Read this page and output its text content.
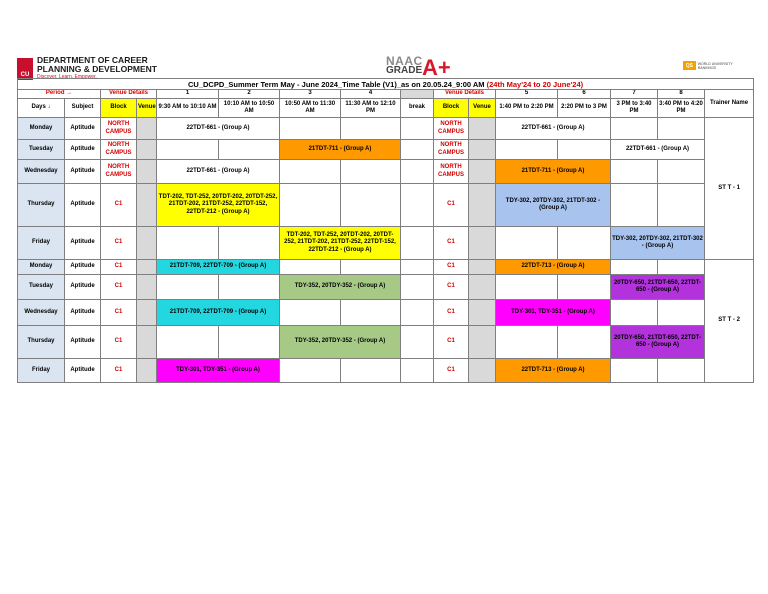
CU
DEPARTMENT OF CAREER
PLANNING & DEVELOPMENT
Discover. Learn. Empower.
NAAC
GRADE A+	QS	WORLD UNIVERSITY RANKINGS
CU_DCPD_Summer Term May - June 2024_Time Table (V1)_as on 20.05.24_9:00 AM (24th May'24 to 20 June'24)															
Period →		Venue Details		1	2	3	4		Venue Details		5	6	7	8	Trainer Name
Days ↓	Subject	Block	Venue	9:30 AM to 10:10 AM	10:10 AM to 10:50 AM	10:50 AM to 11:30 AM	11:30 AM to 12:10 PM	break	Block	Venue	1:40 PM to 2:20 PM	2:20 PM to 3 PM	3 PM to 3:40 PM	3:40 PM to 4:20 PM	
Monday	Aptitude	NORTH CAMPUS		22TDT-661 - (Group A)					NORTH CAMPUS		22TDT-661 - (Group A)				ST T - 1
Tuesday	Aptitude	NORTH CAMPUS				21TDT-711 - (Group A)			NORTH CAMPUS				22TDT-661 - (Group A)		
Wednesday	Aptitude	NORTH CAMPUS		22TDT-661 - (Group A)					NORTH CAMPUS		21TDT-711 - (Group A)				
Thursday	Aptitude	C1		TDT-202, TDT-252, 20TDT-202, 20TDT-252, 21TDT-202, 21TDT-252, 22TDT-152, 22TDT-212 - (Group A)					C1		TDY-302, 20TDY-302, 21TDT-302 - (Group A)				
Friday	Aptitude	C1				TDT-202, TDT-252, 20TDT-202, 20TDT-252, 21TDT-202, 21TDT-252, 22TDT-152, 22TDT-212 - (Group A)			C1				TDY-302, 20TDY-302, 21TDT-302 - (Group A)		
Monday	Aptitude	C1		21TDT-709, 22TDT-709 - (Group A)					C1		22TDT-713 - (Group A)				ST T - 2
Tuesday	Aptitude	C1				TDY-352, 20TDY-352 - (Group A)			C1				20TDY-650, 21TDT-650, 22TDT-650 - (Group A)		
Wednesday	Aptitude	C1		21TDT-709, 22TDT-709 - (Group A)					C1		TDY-301, TDY-351 - (Group A)				
Thursday	Aptitude	C1				TDY-352, 20TDY-352 - (Group A)			C1				20TDY-650, 21TDT-650, 22TDT-650 - (Group A)		
Friday	Aptitude	C1		TDY-301, TDY-351 - (Group A)					C1		22TDT-713 - (Group A)				
